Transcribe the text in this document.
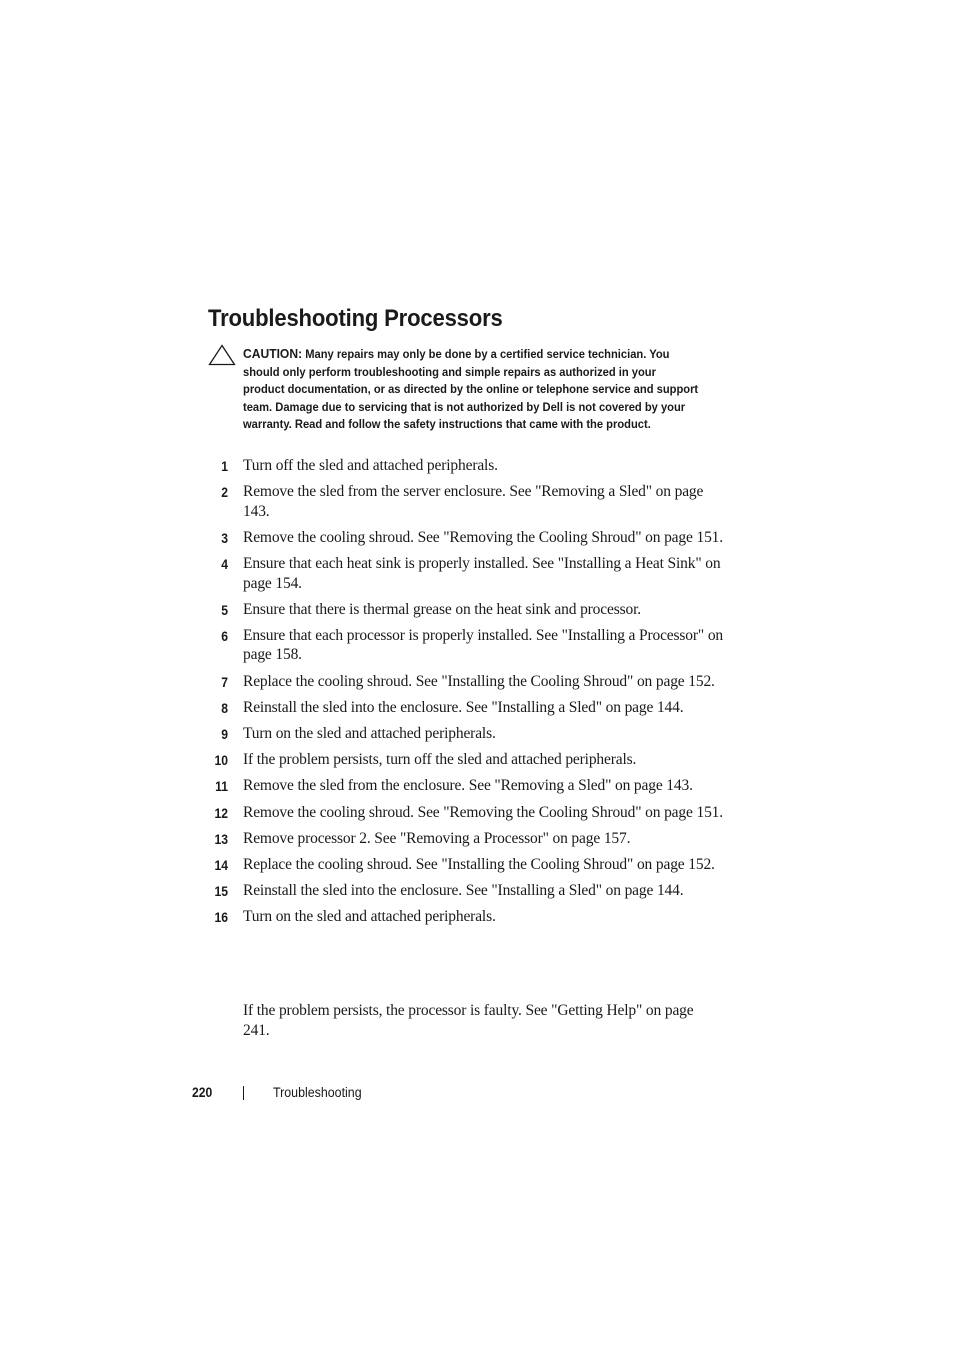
Troubleshooting Processors
CAUTION: Many repairs may only be done by a certified service technician. You should only perform troubleshooting and simple repairs as authorized in your product documentation, or as directed by the online or telephone service and support team. Damage due to servicing that is not authorized by Dell is not covered by your warranty. Read and follow the safety instructions that came with the product.
1 Turn off the sled and attached peripherals.
2 Remove the sled from the server enclosure. See "Removing a Sled" on page 143.
3 Remove the cooling shroud. See "Removing the Cooling Shroud" on page 151.
4 Ensure that each heat sink is properly installed. See "Installing a Heat Sink" on page 154.
5 Ensure that there is thermal grease on the heat sink and processor.
6 Ensure that each processor is properly installed. See "Installing a Processor" on page 158.
7 Replace the cooling shroud. See "Installing the Cooling Shroud" on page 152.
8 Reinstall the sled into the enclosure. See "Installing a Sled" on page 144.
9 Turn on the sled and attached peripherals.
10 If the problem persists, turn off the sled and attached peripherals.
11 Remove the sled from the enclosure. See "Removing a Sled" on page 143.
12 Remove the cooling shroud. See "Removing the Cooling Shroud" on page 151.
13 Remove processor 2. See "Removing a Processor" on page 157.
14 Replace the cooling shroud. See "Installing the Cooling Shroud" on page 152.
15 Reinstall the sled into the enclosure. See "Installing a Sled" on page 144.
16 Turn on the sled and attached peripherals.

If the problem persists, the processor is faulty. See "Getting Help" on page 241.

220	Troubleshooting
